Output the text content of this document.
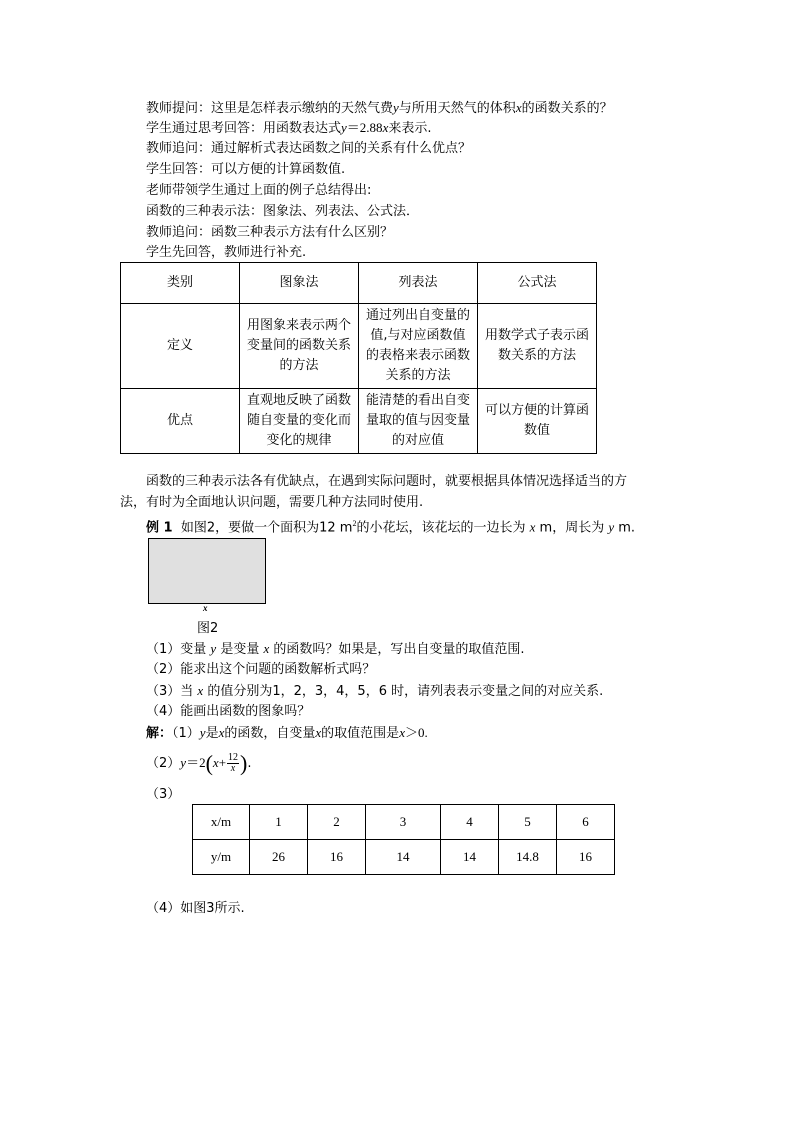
教师提问：这里是怎样表示缴纳的天然气费y与所用天然气的体积x的函数关系的？
学生通过思考回答：用函数表达式y＝2.88x来表示.
教师追问：通过解析式表达函数之间的关系有什么优点？
学生回答：可以方便的计算函数值.
老师带领学生通过上面的例子总结得出:
函数的三种表示法：图象法、列表法、公式法．
教师追问：函数三种表示方法有什么区别？
学生先回答，教师进行补充.
类别	图象法	列表法	公式法
定义	用图象来表示两个变量间的函数关系的方法	通过列出自变量的值,与对应函数值的表格来表示函数关系的方法	用数学式子表示函数关系的方法
优点	直观地反映了函数随自变量的变化而变化的规律	能清楚的看出自变量取的值与因变量的对应值	可以方便的计算函数值
函数的三种表示法各有优缺点，在遇到实际问题时，就要根据具体情况选择适当的方
法，有时为全面地认识问题，需要几种方法同时使用.
例 1 如图2，要做一个面积为12 $m^2$的小花坛，该花坛的一边长为 x m，周长为 y m.
x
图2
（1）变量 y 是变量 x 的函数吗？如果是，写出自变量的取值范围.
（2）能求出这个问题的函数解析式吗？
（3）当 x 的值分别为1，2，3，4，5，6 时，请列表表示变量之间的对应关系.
（4）能画出函数的图象吗？
解：（1）y是x的函数，自变量x的取值范围是x＞0.
$(2)y=2(x+ \frac{12}{x}$ ).
（3）
x/m	1	2	3	4	5	6
y/m	26	16	14	14	14.8	16
（4）如图3所示.
